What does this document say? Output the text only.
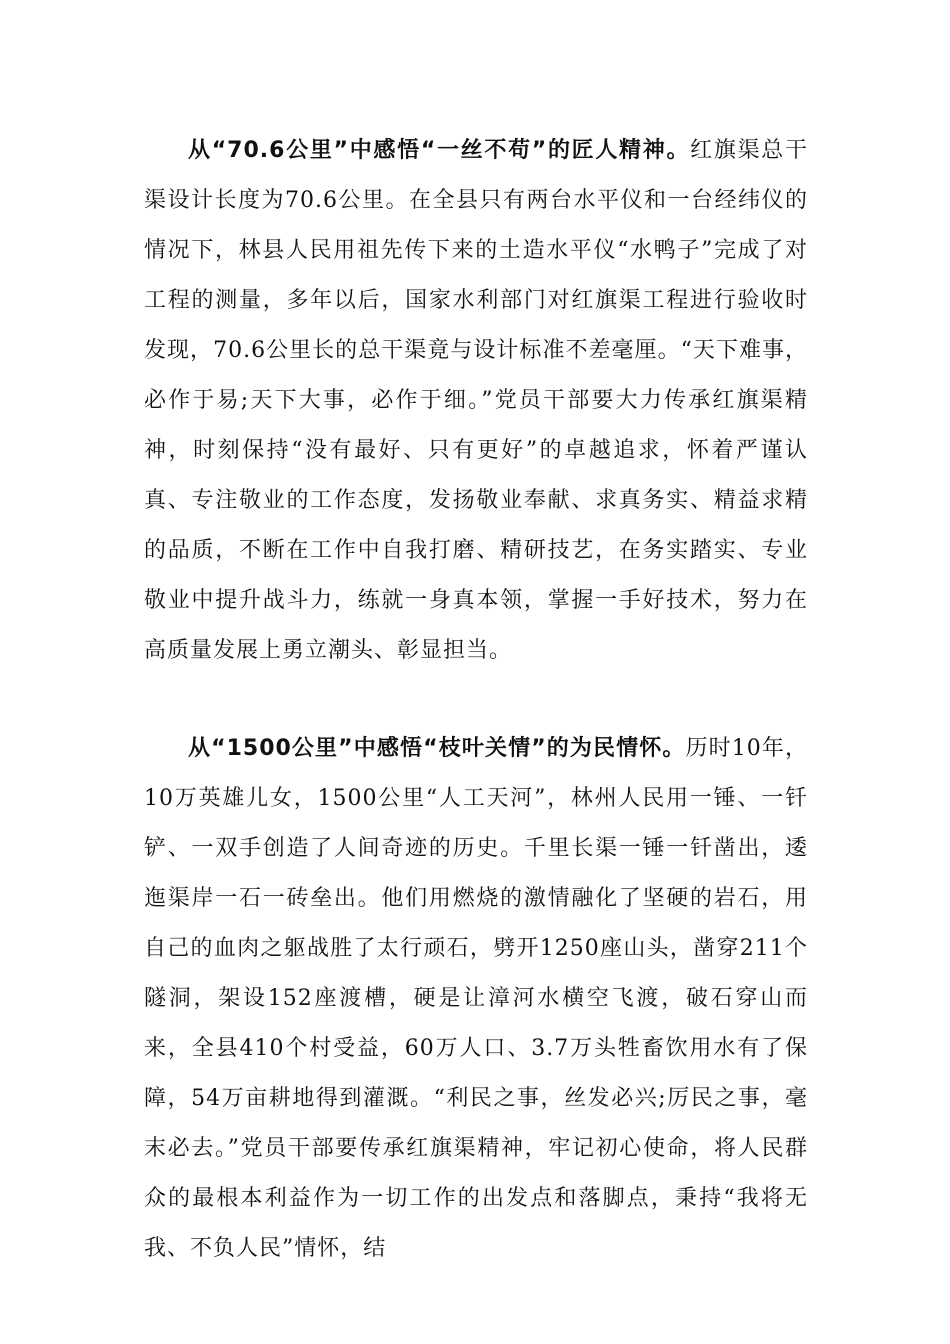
从“70.6公里”中感悟“一丝不苟”的匠人精神。红旗渠总干渠设计长度为70.6公里。在全县只有两台水平仪和一台经纬仪的情况下，林县人民用祖先传下来的土造水平仪“水鸭子”完成了对工程的测量，多年以后，国家水利部门对红旗渠工程进行验收时发现，70.6公里长的总干渠竟与设计标准不差毫厘。“天下难事，必作于易;天下大事，必作于细。”党员干部要大力传承红旗渠精神，时刻保持“没有最好、只有更好”的卓越追求，怀着严谨认真、专注敬业的工作态度，发扬敬业奉献、求真务实、精益求精的品质，不断在工作中自我打磨、精研技艺，在务实踏实、专业敬业中提升战斗力，练就一身真本领，掌握一手好技术，努力在高质量发展上勇立潮头、彰显担当。

从“1500公里”中感悟“枝叶关情”的为民情怀。历时10年，10万英雄儿女，1500公里“人工天河”，林州人民用一锤、一钎铲、一双手创造了人间奇迹的历史。千里长渠一锤一钎凿出，逶迤渠岸一石一砖垒出。他们用燃烧的激情融化了坚硬的岩石，用自己的血肉之躯战胜了太行顽石，劈开1250座山头，凿穿211个隧洞，架设152座渡槽，硬是让漳河水横空飞渡，破石穿山而来，全县410个村受益，60万人口、3.7万头牲畜饮用水有了保障，54万亩耕地得到灌溉。“利民之事，丝发必兴;厉民之事，毫末必去。”党员干部要传承红旗渠精神，牢记初心使命，将人民群众的最根本利益作为一切工作的出发点和落脚点，秉持“我将无我、不负人民”情怀，结
